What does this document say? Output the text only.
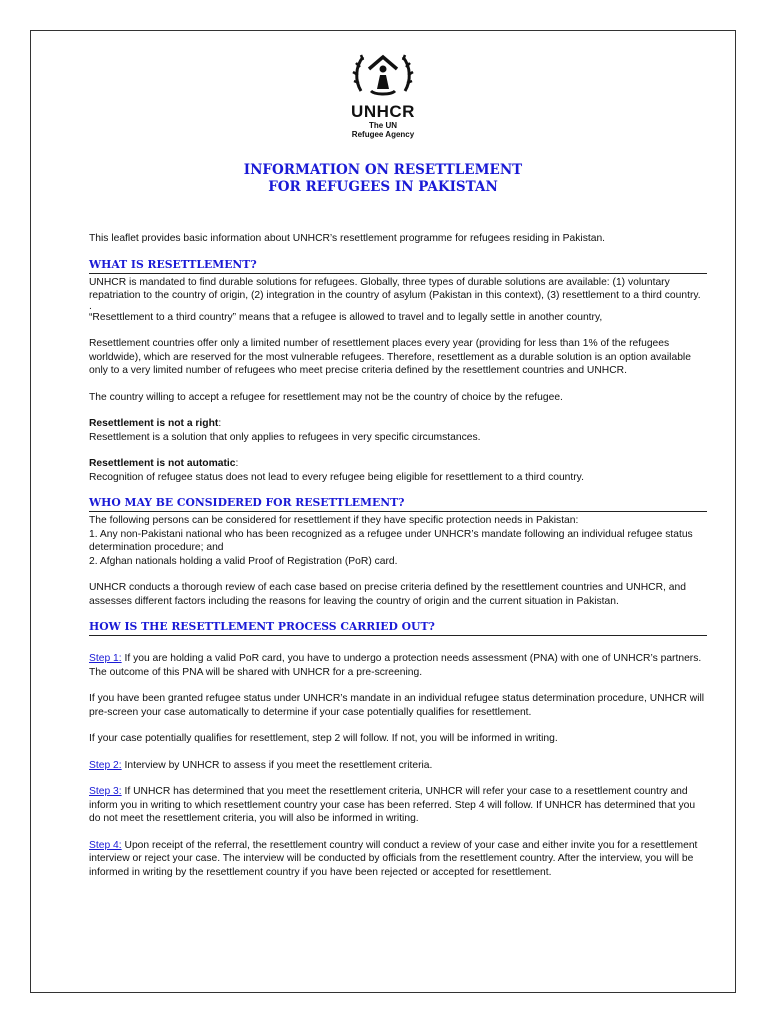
UNHCR
The UN
Refugee Agency
INFORMATION ON RESETTLEMENT
FOR REFUGEES IN PAKISTAN

This leaflet provides basic information about UNHCR’s resettlement programme for refugees residing in Pakistan.

WHAT IS RESETTLEMENT?

UNHCR is mandated to find durable solutions for refugees. Globally, three types of durable solutions are available: (1) voluntary repatriation to the country of origin, (2) integration in the country of asylum (Pakistan in this context), (3) resettlement to a third country.

.

“Resettlement to a third country” means that a refugee is allowed to travel and to legally settle in another country,

Resettlement countries offer only a limited number of resettlement places every year (providing for less than 1% of the refugees worldwide), which are reserved for the most vulnerable refugees. Therefore, resettlement as a durable solution is an option available only to a very limited number of refugees who meet precise criteria defined by the resettlement countries and UNHCR.

The country willing to accept a refugee for resettlement may not be the country of choice by the refugee.

Resettlement is not a right:

Resettlement is a solution that only applies to refugees in very specific circumstances.

Resettlement is not automatic:

Recognition of refugee status does not lead to every refugee being eligible for resettlement to a third country.

WHO MAY BE CONSIDERED FOR RESETTLEMENT?

The following persons can be considered for resettlement if they have specific protection needs in Pakistan:

1. Any non-Pakistani national who has been recognized as a refugee under UNHCR’s mandate following an individual refugee status determination procedure; and

2. Afghan nationals holding a valid Proof of Registration (PoR) card.

UNHCR conducts a thorough review of each case based on precise criteria defined by the resettlement countries and UNHCR, and assesses different factors including the reasons for leaving the country of origin and the current situation in Pakistan.

HOW IS THE RESETTLEMENT PROCESS CARRIED OUT?

Step 1: If you are holding a valid PoR card, you have to undergo a protection needs assessment (PNA) with one of UNHCR’s partners. The outcome of this PNA will be shared with UNHCR for a pre-screening.

If you have been granted refugee status under UNHCR’s mandate in an individual refugee status determination procedure, UNHCR will pre-screen your case automatically to determine if your case potentially qualifies for resettlement.

If your case potentially qualifies for resettlement, step 2 will follow. If not, you will be informed in writing.

Step 2: Interview by UNHCR to assess if you meet the resettlement criteria.

Step 3: If UNHCR has determined that you meet the resettlement criteria, UNHCR will refer your case to a resettlement country and inform you in writing to which resettlement country your case has been referred. Step 4 will follow. If UNHCR has determined that you do not meet the resettlement criteria, you will also be informed in writing.

Step 4: Upon receipt of the referral, the resettlement country will conduct a review of your case and either invite you for a resettlement interview or reject your case. The interview will be conducted by officials from the resettlement country. After the interview, you will be informed in writing by the resettlement country if you have been rejected or accepted for resettlement.
